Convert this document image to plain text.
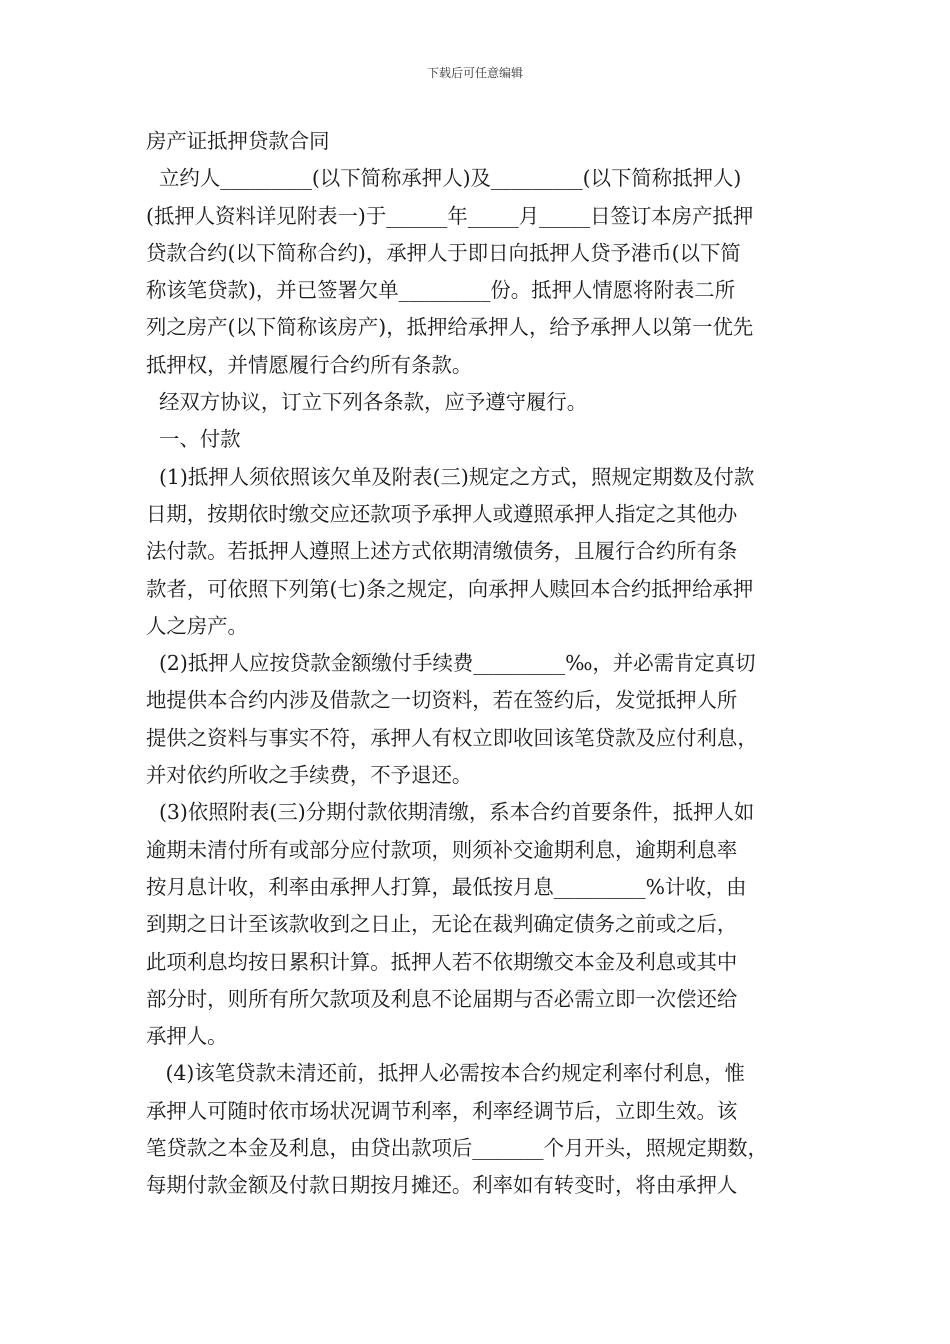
下载后可任意编辑
房产证抵押贷款合同
立约人_________(以下简称承押人)及_________(以下简称抵押人)
(抵押人资料详见附表一)于______年_____月_____日签订本房产抵押
贷款合约(以下简称合约)，承押人于即日向抵押人贷予港币(以下简
称该笔贷款)，并已签署欠单_________份。抵押人情愿将附表二所
列之房产(以下简称该房产)，抵押给承押人，给予承押人以第一优先
抵押权，并情愿履行合约所有条款。
经双方协议，订立下列各条款，应予遵守履行。
一、付款
(1)抵押人须依照该欠单及附表(三)规定之方式，照规定期数及付款
日期，按期依时缴交应还款项予承押人或遵照承押人指定之其他办
法付款。若抵押人遵照上述方式依期清缴债务，且履行合约所有条
款者，可依照下列第(七)条之规定，向承押人赎回本合约抵押给承押
人之房产。
(2)抵押人应按贷款金额缴付手续费_________‰，并必需肯定真切
地提供本合约内涉及借款之一切资料，若在签约后，发觉抵押人所
提供之资料与事实不符，承押人有权立即收回该笔贷款及应付利息，
并对依约所收之手续费，不予退还。
(3)依照附表(三)分期付款依期清缴，系本合约首要条件，抵押人如
逾期未清付所有或部分应付款项，则须补交逾期利息，逾期利息率
按月息计收，利率由承押人打算，最低按月息_________%计收，由
到期之日计至该款收到之日止，无论在裁判确定债务之前或之后，
此项利息均按日累积计算。抵押人若不依期缴交本金及利息或其中
部分时，则所有所欠款项及利息不论届期与否必需立即一次偿还给
承押人。
(4)该笔贷款未清还前，抵押人必需按本合约规定利率付利息，惟
承押人可随时依市场状况调节利率，利率经调节后，立即生效。该
笔贷款之本金及利息，由贷出款项后_______个月开头，照规定期数，
每期付款金额及付款日期按月摊还。利率如有转变时，将由承押人
